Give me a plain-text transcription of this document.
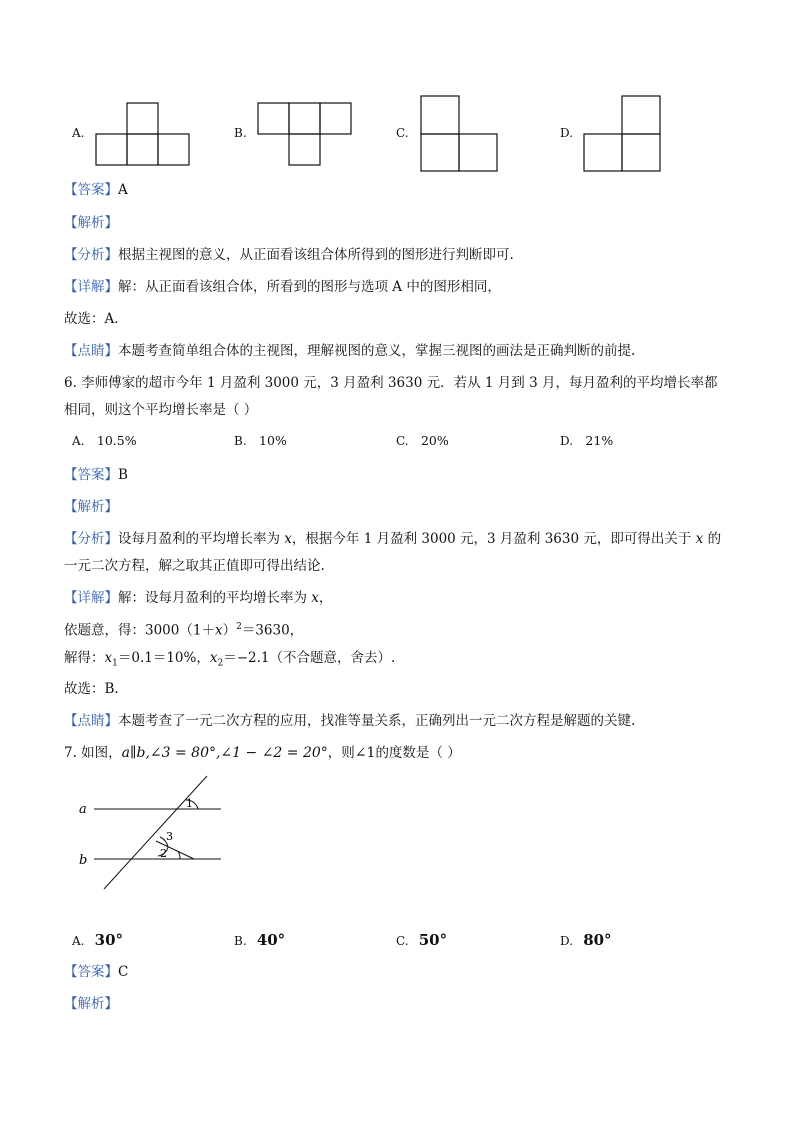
A.	B.	C.	D.
【答案】A
【解析】
【分析】根据主视图的意义，从正面看该组合体所得到的图形进行判断即可.
【详解】解：从正面看该组合体，所看到的图形与选项 A 中的图形相同，
故选：A.
【点睛】本题考查简单组合体的主视图，理解视图的意义，掌握三视图的画法是正确判断的前提.
6. 李师傅家的超市今年 1 月盈利 3000 元，3 月盈利 3630 元．若从 1 月到 3 月，每月盈利的平均增长率都
相同，则这个平均增长率是（ ）
A. 10.5%	B. 10%	C. 20%	D. 21%
【答案】B
【解析】
【分析】设每月盈利的平均增长率为 x，根据今年 1 月盈利 3000 元，3 月盈利 3630 元，即可得出关于 x 的
一元二次方程，解之取其正值即可得出结论.
【详解】解：设每月盈利的平均增长率为 x，
依题意，得：$3000(1+x)^2=3630$，
解得：$x_1=0.1=10\%$，$x_2=-2.1$（不合题意，舍去）.
故选：B.
【点睛】本题考查了一元二次方程的应用，找准等量关系，正确列出一元二次方程是解题的关键.
7. 如图，a∥b,∠3 = 80°,∠1 − ∠2 = 20°，则∠1的度数是（ ）
a
b
1
3
2
A. 30°	B. 40°	C. 50°	D. 80°
【答案】C
【解析】
